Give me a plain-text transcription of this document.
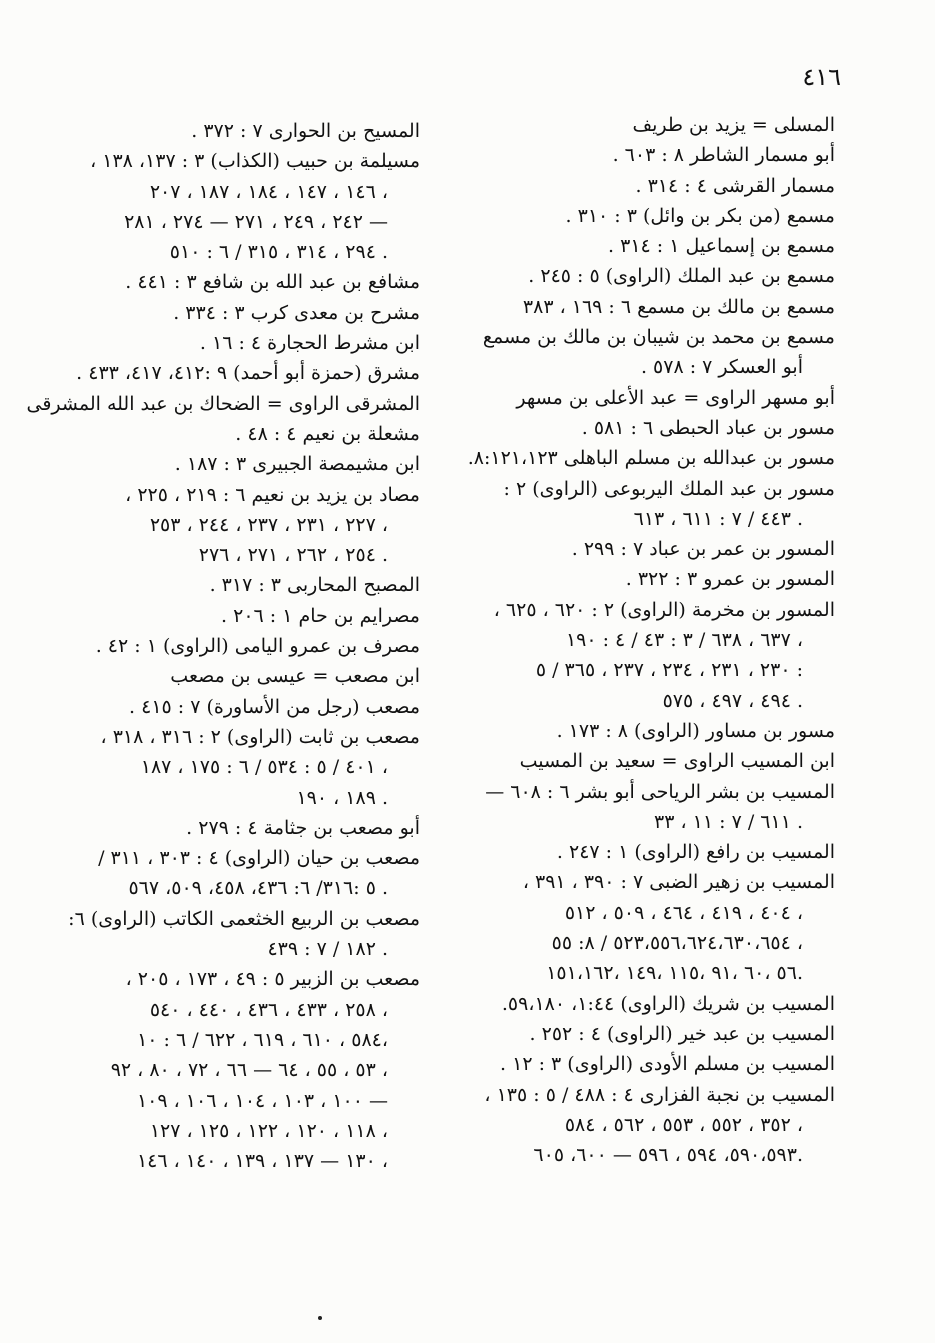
٤١٦
المسلى = يزيد بن طريف
أبو مسمار الشاطر ٨ : ٦٠٣ .
مسمار القرشى ٤ : ٣١٤ .
مسمع (من بكر بن وائل) ٣ : ٣١٠ .
مسمع بن إسماعيل ١ : ٣١٤ .
مسمع بن عبد الملك (الراوى) ٥ : ٢٤٥ .
مسمع بن مالك بن مسمع ٦ : ١٦٩ ، ٣٨٣
مسمع بن محمد بن شيبان بن مالك بن مسمع
أبو العسكر ٧ : ٥٧٨ .
أبو مسهر الراوى = عبد الأعلى بن مسهر
مسور بن عباد الحبطى ٦ : ٥٨١ .
مسور بن عبدالله بن مسلم الباهلى ٨:١٢١،١٢٣.
مسور بن عبد الملك اليربوعى (الراوى) ٢ :
٤٤٣ / ٧ : ٦١١ ، ٦١٣ .
المسور بن عمر بن عباد ٧ : ٢٩٩ .
المسور بن عمرو ٣ : ٣٢٢ .
المسور بن مخرمة (الراوى) ٢ : ٦٢٠ ، ٦٢٥ ،
٦٣٧ ، ٦٣٨ / ٣ : ٤٣ / ٤ : ١٩٠ ،
٢٣٠ ، ٢٣١ ، ٢٣٤ ، ٢٣٧ ، ٣٦٥ / ٥ :
٤٩٤ ، ٤٩٧ ، ٥٧٥ .
مسور بن مساور (الراوى) ٨ : ١٧٣ .
ابن المسيب الراوى = سعيد بن المسيب
المسيب بن بشر الرياحى أبو بشر ٦ : ٦٠٨ —
٦١١ / ٧ : ١١ ، ٣٣ .
المسيب بن رافع (الراوى) ١ : ٢٤٧ .
المسيب بن زهير الضبى ٧ : ٣٩٠ ، ٣٩١ ،
٤٠٤ ، ٤١٩ ، ٤٦٤ ، ٥٠٩ ، ٥١٢ ،
٥٢٣،٥٥٦،٦٢٤،٦٣٠،٦٥٤ / ٨: ٥٥ ،
٥٦ ،٦٠ ،٩١ ،١١٥ ،١٤٩ ،١٥١،١٦٢.
المسيب بن شريك (الراوى) ١:٤٤، ٥٩،١٨٠.
المسيب بن عبد خير (الراوى) ٤ : ٢٥٢ .
المسيب بن مسلم الأودى (الراوى) ٣ : ١٢ .
المسيب بن نجبة الفزارى ٤ : ٤٨٨ / ٥ : ١٣٥ ،
٣٥٢ ، ٥٥٢ ، ٥٥٣ ، ٥٦٢ ، ٥٨٤ ،
٥٩٠،٥٩٣، ٥٩٤ ، ٥٩٦ — ٦٠٠، ٦٠٥.
المسيح بن الحوارى ٧ : ٣٧٢ .
مسيلمة بن حبيب (الكذاب) ٣ : ١٣٧، ١٣٨ ،
١٤٦ ، ١٤٧ ، ١٨٤ ، ١٨٧ ، ٢٠٧ ،
٢٤٢ ، ٢٤٩ ، ٢٧١ — ٢٧٤ ، ٢٨١ —
٢٩٤ ، ٣١٤ ، ٣١٥ / ٦ : ٥١٠ .
مشافع بن عبد الله بن شافع ٣ : ٤٤١ .
مشرح بن معدى كرب ٣ : ٣٣٤ .
ابن مشرط الحجارة ٤ : ١٦ .
مشرق (حمزة أبو أحمد) ٩ :٤١٢، ٤١٧، ٤٣٣ .
المشرقى الراوى = الضحاك بن عبد الله المشرقى
مشعلة بن نعيم ٤ : ٤٨ .
ابن مشيمصة الجبيرى ٣ : ١٨٧ .
مصاد بن يزيد بن نعيم ٦ : ٢١٩ ، ٢٢٥ ،
٢٢٧ ، ٢٣١ ، ٢٣٧ ، ٢٤٤ ، ٢٥٣ ،
٢٥٤ ، ٢٦٢ ، ٢٧١ ، ٢٧٦ .
المصبح المحاربى ٣ : ٣١٧ .
مصرايم بن حام ١ : ٢٠٦ .
مصرف بن عمرو اليامى (الراوى) ١ : ٤٢ .
ابن مصعب = عيسى بن مصعب
مصعب (رجل من الأساورة) ٧ : ٤١٥ .
مصعب بن ثابت (الراوى) ٢ : ٣١٦ ، ٣١٨ ،
٤٠١ / ٥ : ٥٣٤ / ٦ : ١٧٥ ، ١٨٧ ،
١٨٩ ، ١٩٠ .
أبو مصعب بن جثامة ٤ : ٢٧٩ .
مصعب بن حيان (الراوى) ٤ : ٣٠٣ ، ٣١١ /
٥ :٣١٦/ ٦: ٤٣٦، ٤٥٨، ٥٠٩، ٥٦٧ .
مصعب بن الربيع الخثعمى الكاتب (الراوى) ٦:
١٨٢ / ٧ : ٤٣٩ .
مصعب بن الزبير ٥ : ٤٩ ، ١٧٣ ، ٢٠٥ ،
٢٥٨ ، ٤٣٣ ، ٤٣٦ ، ٤٤٠ ، ٥٤٠ ،
٥٨٤ ، ٦١٠ ، ٦١٩ ، ٦٢٢ / ٦ : ١٠،
٥٣ ، ٥٥ ، ٦٤ — ٦٦ ، ٧٢ ، ٨٠ ، ٩٢ ،
١٠٠ ، ١٠٣ ، ١٠٤ ، ١٠٦ ، ١٠٩ —
١١٨ ، ١٢٠ ، ١٢٢ ، ١٢٥ ، ١٢٧ ،
١٣٠ — ١٣٧ ، ١٣٩ ، ١٤٠ ، ١٤٦ ،
